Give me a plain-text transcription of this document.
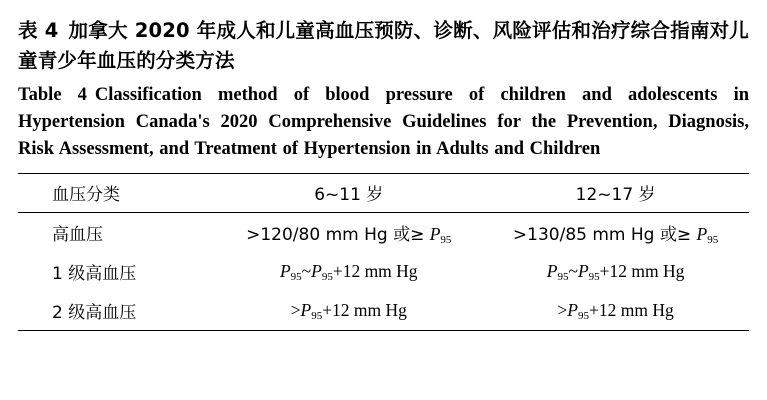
表 4 加拿大 2020 年成人和儿童高血压预防、诊断、风险评估和治疗综合指南对儿童青少年血压的分类方法

Table 4 Classification method of blood pressure of children and adolescents in Hypertension Canada's 2020 Comprehensive Guidelines for the Prevention, Diagnosis, Risk Assessment, and Treatment of Hypertension in Adults and Children

血压分类	6~11 岁	12~17 岁
高血压	>120/80 mm Hg 或≥ $P_{95}$	>130/85 mm Hg 或≥ $P_{95}$
1 级高血压	$P_{95}\sim P_{95}+12$ mm Hg	$P_{95}\sim P_{95}+12$ mm Hg
2 级高血压	$>P_{95}+12$ mm Hg	$>P_{95}+12$ mm Hg
